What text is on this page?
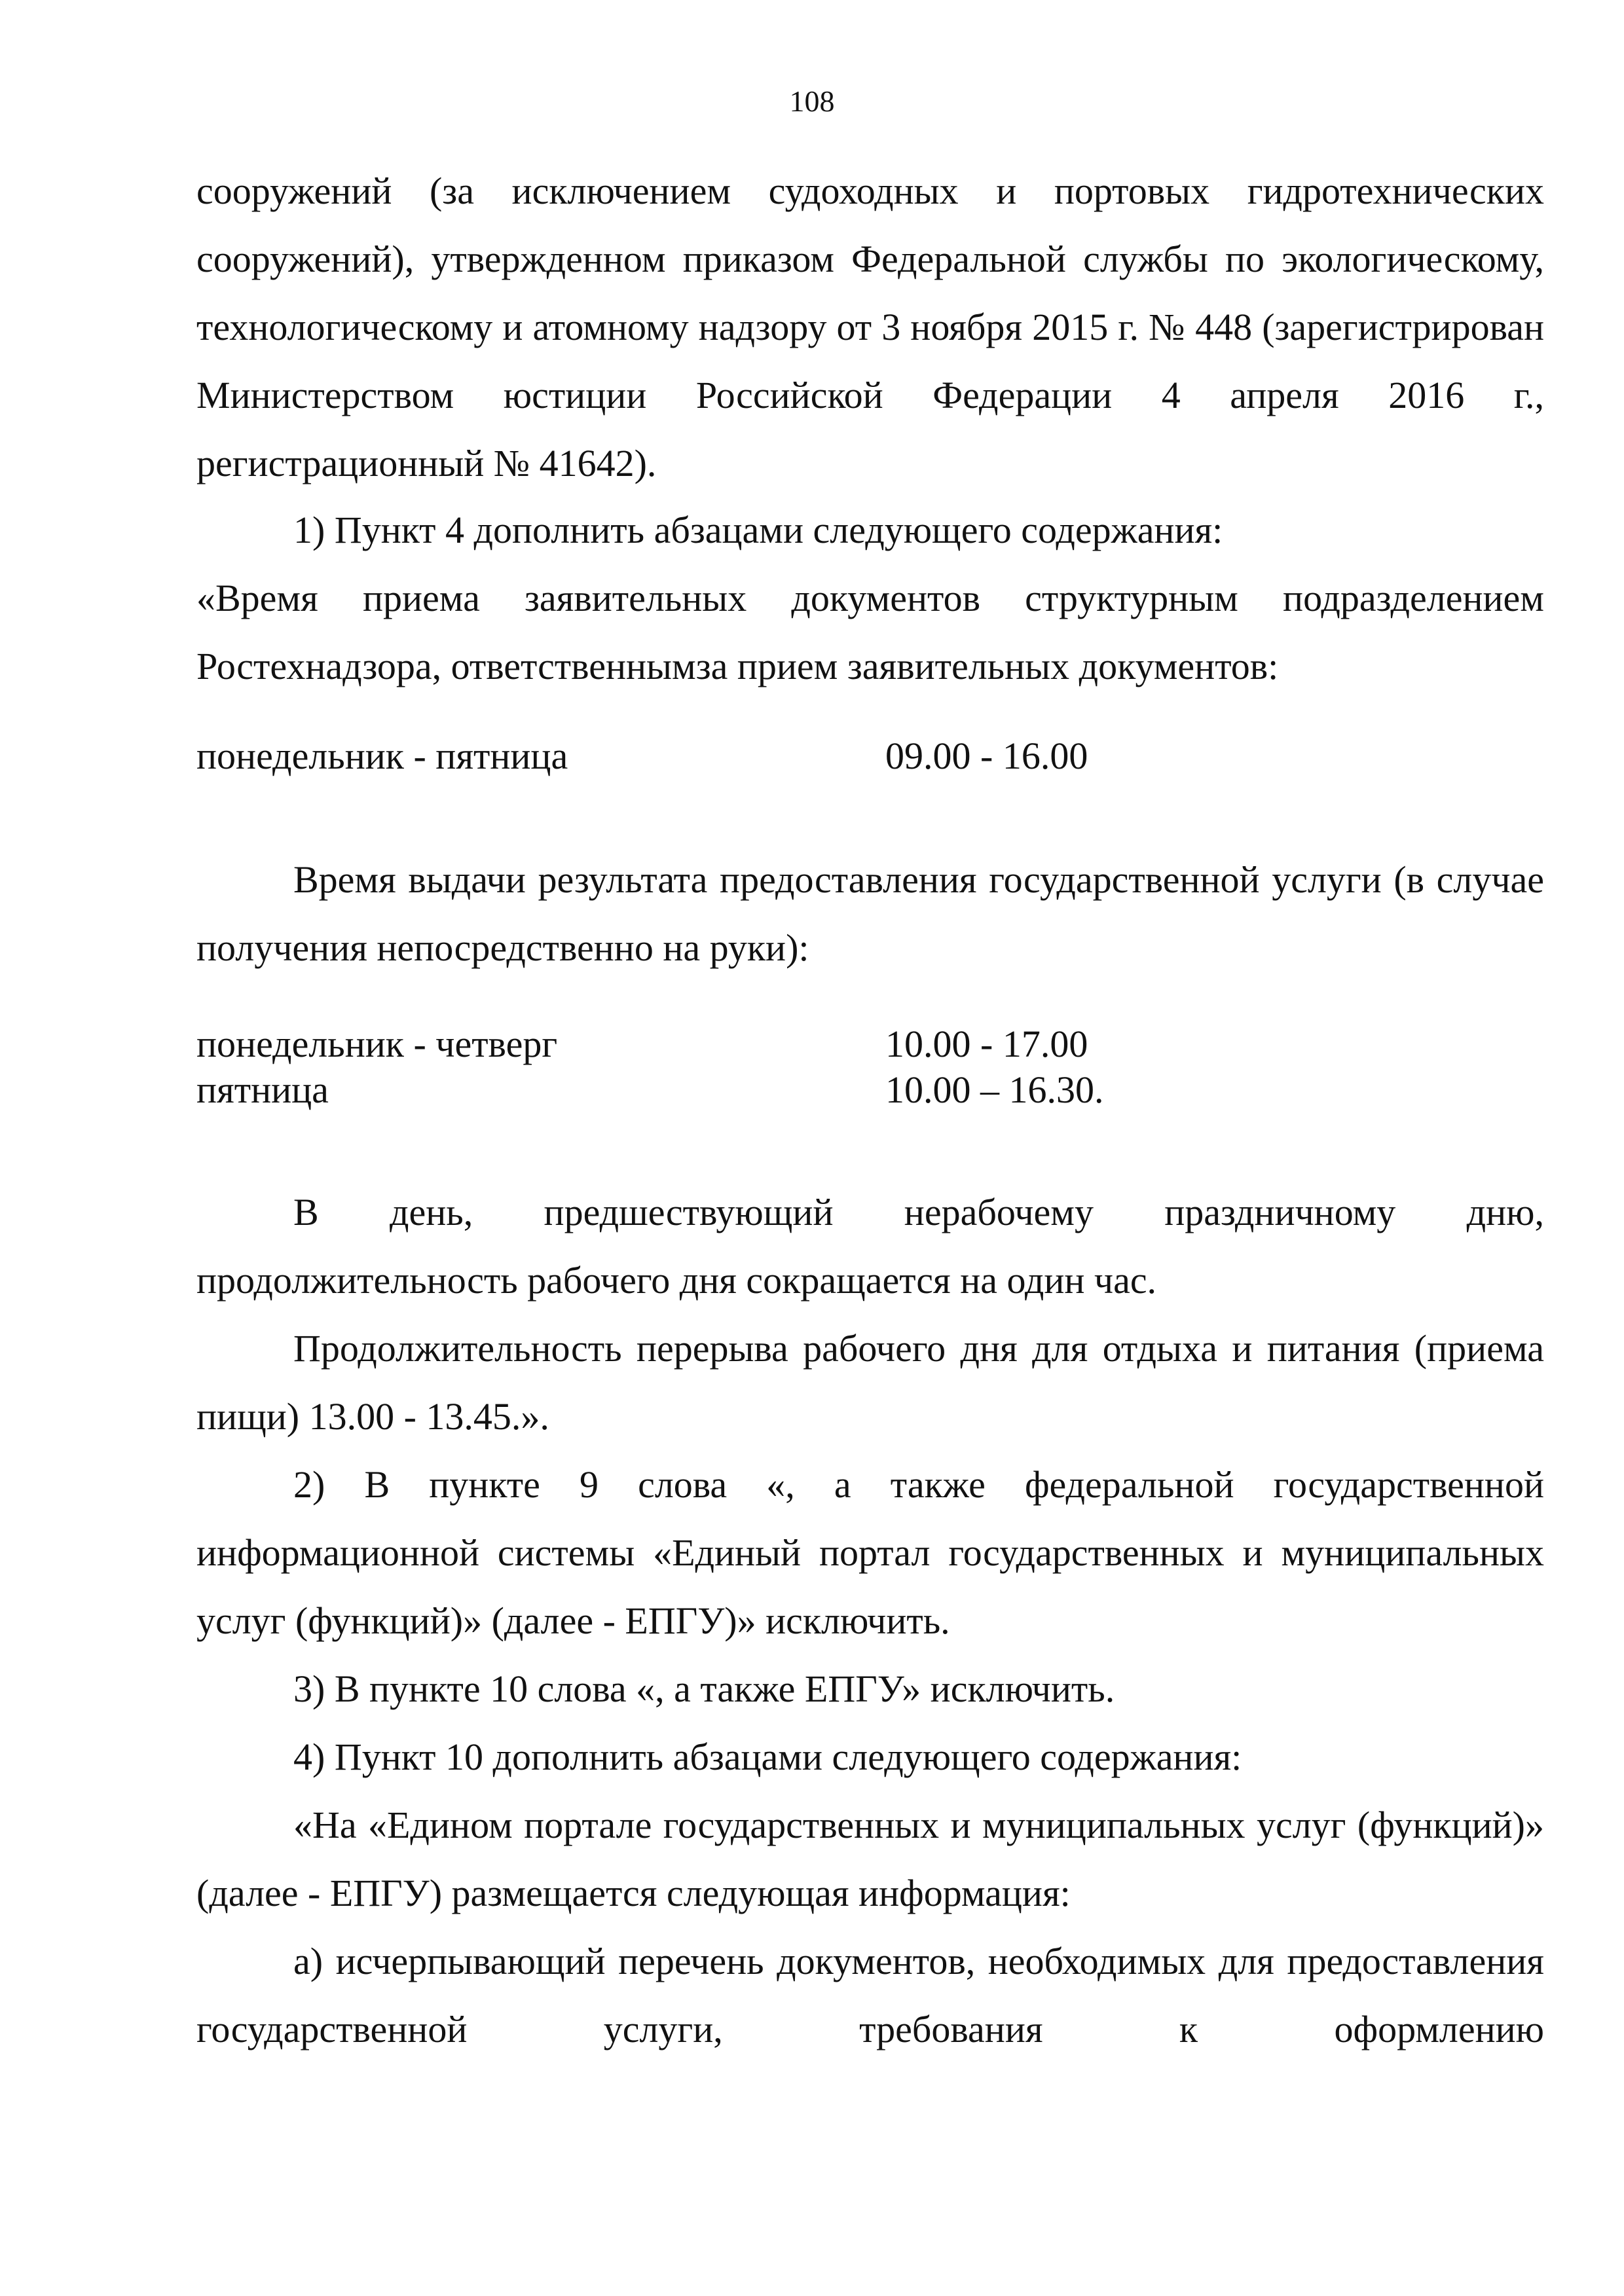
108

сооружений (за исключением судоходных и портовых гидротехнических сооружений), утвержденном приказом Федеральной службы по экологическому, технологическому и атомному надзору от 3 ноября 2015 г. № 448 (зарегистрирован Министерством юстиции Российской Федерации 4 апреля 2016 г., регистрационный № 41642).

1) Пункт 4 дополнить абзацами следующего содержания:

«Время приема заявительных документов структурным подразделением Ростехнадзора, ответственнымза прием заявительных документов:

понедельник - пятница	09.00 - 16.00

Время выдачи результата предоставления государственной услуги (в случае получения непосредственно на руки):

понедельник - четверг	10.00 - 17.00
пятница	10.00 – 16.30.

В день, предшествующий нерабочему праздничному дню, продолжительность рабочего дня сокращается на один час.

Продолжительность перерыва рабочего дня для отдыха и питания (приема пищи) 13.00 - 13.45.».

2) В пункте 9 слова «, а также федеральной государственной информационной системы «Единый портал государственных и муниципальных услуг (функций)» (далее - ЕПГУ)» исключить.

3) В пункте 10 слова «, а также ЕПГУ» исключить.

4) Пункт 10 дополнить абзацами следующего содержания:

«На «Едином портале государственных и муниципальных услуг (функций)» (далее - ЕПГУ) размещается следующая информация:

а) исчерпывающий перечень документов, необходимых для предоставления государственной услуги, требования к оформлению
